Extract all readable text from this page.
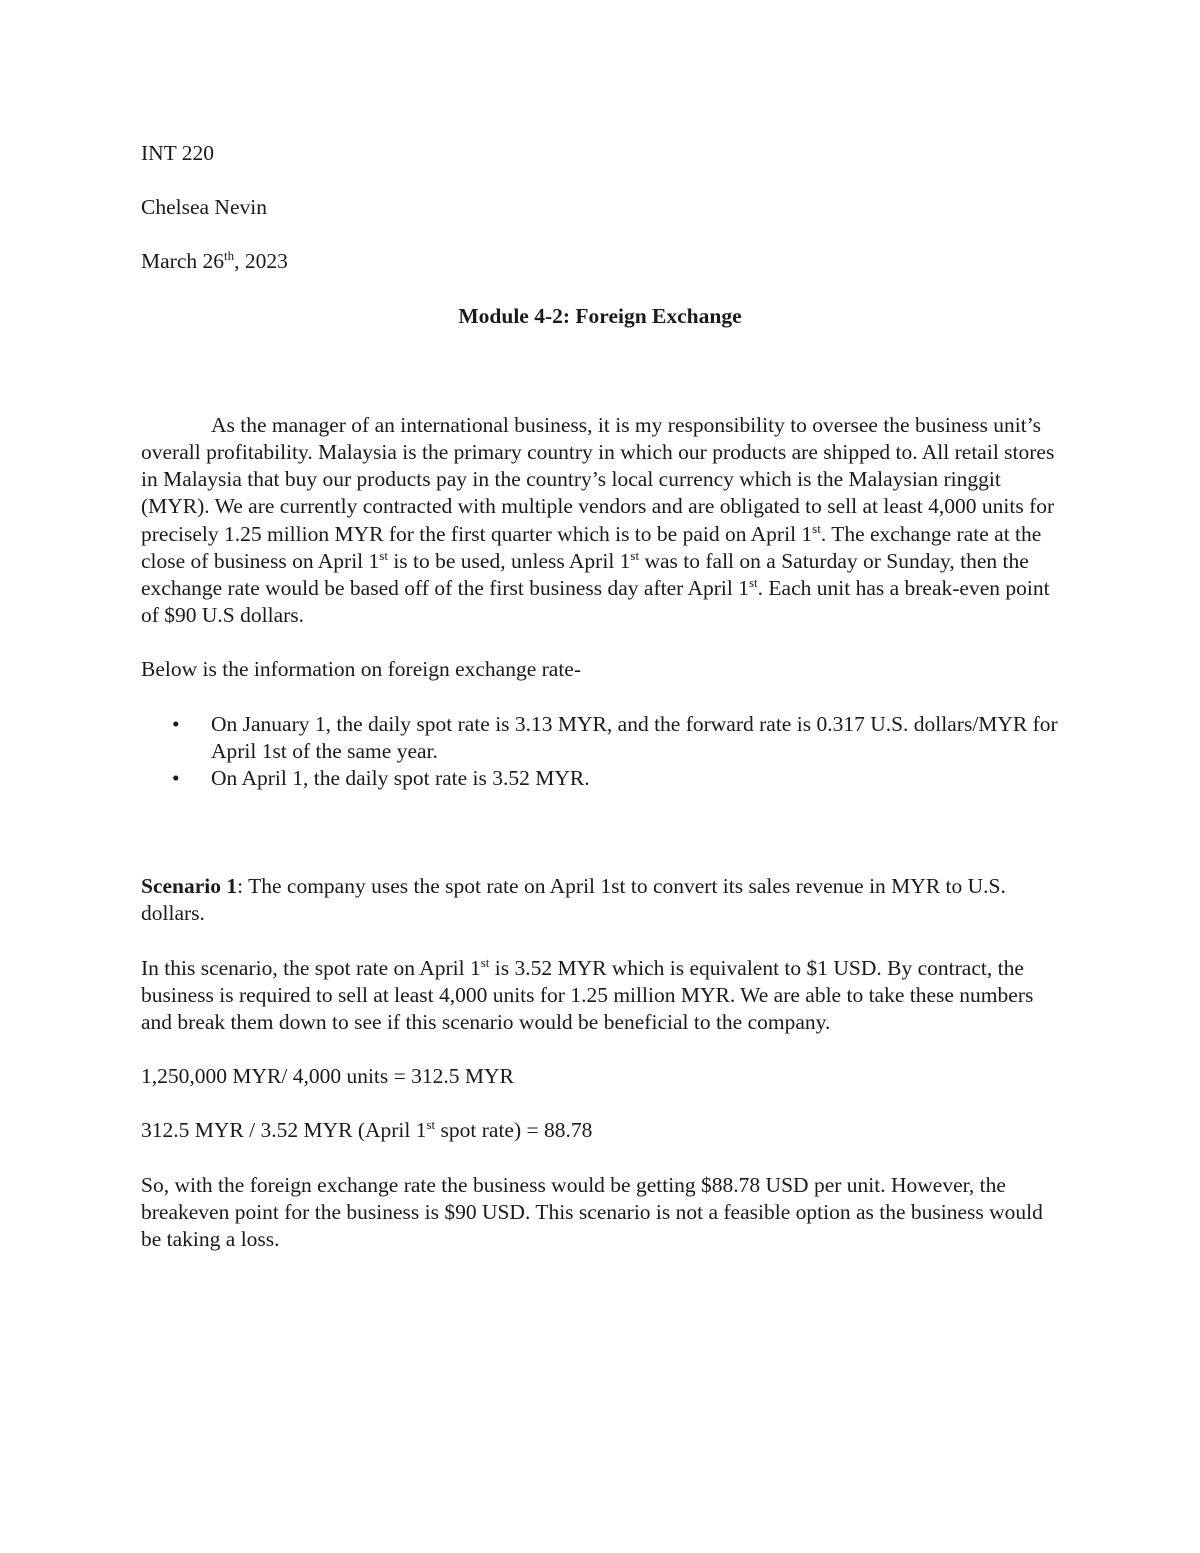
INT 220

Chelsea Nevin

March 26th, 2023

Module 4-2: Foreign Exchange

As the manager of an international business, it is my responsibility to oversee the business unit’s overall profitability. Malaysia is the primary country in which our products are shipped to. All retail stores in Malaysia that buy our products pay in the country’s local currency which is the Malaysian ringgit (MYR). We are currently contracted with multiple vendors and are obligated to sell at least 4,000 units for precisely 1.25 million MYR for the first quarter which is to be paid on April 1st. The exchange rate at the close of business on April 1st is to be used, unless April 1st was to fall on a Saturday or Sunday, then the exchange rate would be based off of the first business day after April 1st. Each unit has a break-even point of $90 U.S dollars.

Below is the information on foreign exchange rate-

• On January 1, the daily spot rate is 3.13 MYR, and the forward rate is 0.317 U.S. dollars/MYR for April 1st of the same year.
• On April 1, the daily spot rate is 3.52 MYR.

Scenario 1: The company uses the spot rate on April 1st to convert its sales revenue in MYR to U.S. dollars.

In this scenario, the spot rate on April 1st is 3.52 MYR which is equivalent to $1 USD. By contract, the business is required to sell at least 4,000 units for 1.25 million MYR. We are able to take these numbers and break them down to see if this scenario would be beneficial to the company.

1,250,000 MYR/ 4,000 units = 312.5 MYR

312.5 MYR / 3.52 MYR (April 1st spot rate) = 88.78

So, with the foreign exchange rate the business would be getting $88.78 USD per unit. However, the breakeven point for the business is $90 USD. This scenario is not a feasible option as the business would be taking a loss.
